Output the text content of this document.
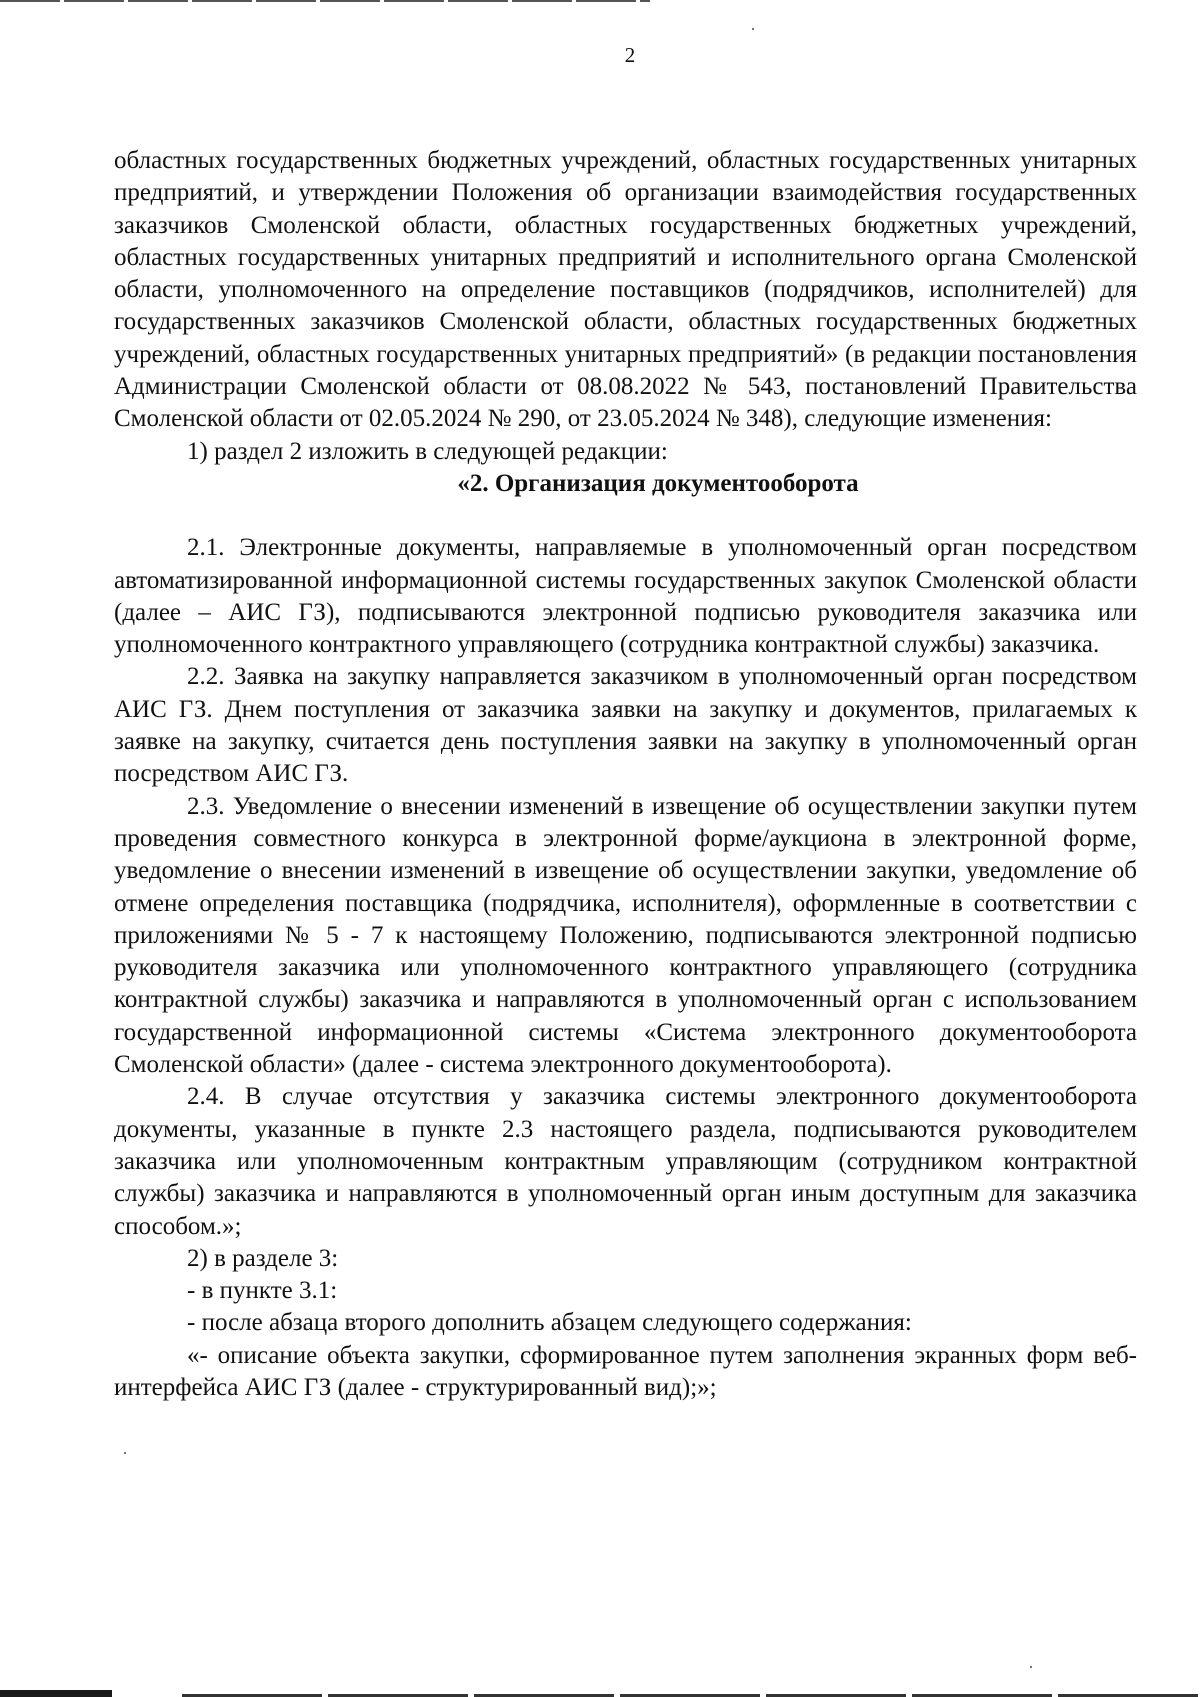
2

областных государственных бюджетных учреждений, областных государственных унитарных предприятий, и утверждении Положения об организации взаимодействия государственных заказчиков Смоленской области, областных государственных бюджетных учреждений, областных государственных унитарных предприятий и исполнительного органа Смоленской области, уполномоченного на определение поставщиков (подрядчиков, исполнителей) для государственных заказчиков Смоленской области, областных государственных бюджетных учреждений, областных государственных унитарных предприятий» (в редакции постановления Администрации Смоленской области от 08.08.2022 № 543, постановлений Правительства Смоленской области от 02.05.2024 № 290, от 23.05.2024 № 348), следующие изменения:

1) раздел 2 изложить в следующей редакции:

«2. Организация документооборота

2.1. Электронные документы, направляемые в уполномоченный орган посредством автоматизированной информационной системы государственных закупок Смоленской области (далее – АИС ГЗ), подписываются электронной подписью руководителя заказчика или уполномоченного контрактного управляющего (сотрудника контрактной службы) заказчика.

2.2. Заявка на закупку направляется заказчиком в уполномоченный орган посредством АИС ГЗ. Днем поступления от заказчика заявки на закупку и документов, прилагаемых к заявке на закупку, считается день поступления заявки на закупку в уполномоченный орган посредством АИС ГЗ.

2.3. Уведомление о внесении изменений в извещение об осуществлении закупки путем проведения совместного конкурса в электронной форме/аукциона в электронной форме, уведомление о внесении изменений в извещение об осуществлении закупки, уведомление об отмене определения поставщика (подрядчика, исполнителя), оформленные в соответствии с приложениями № 5 - 7 к настоящему Положению, подписываются электронной подписью руководителя заказчика или уполномоченного контрактного управляющего (сотрудника контрактной службы) заказчика и направляются в уполномоченный орган с использованием государственной информационной системы «Система электронного документооборота Смоленской области» (далее - система электронного документооборота).

2.4. В случае отсутствия у заказчика системы электронного документооборота документы, указанные в пункте 2.3 настоящего раздела, подписываются руководителем заказчика или уполномоченным контрактным управляющим (сотрудником контрактной службы) заказчика и направляются в уполномоченный орган иным доступным для заказчика способом.»;

2) в разделе 3:

- в пункте 3.1:

- после абзаца второго дополнить абзацем следующего содержания:

«- описание объекта закупки, сформированное путем заполнения экранных форм веб-интерфейса АИС ГЗ (далее - структурированный вид);»;
